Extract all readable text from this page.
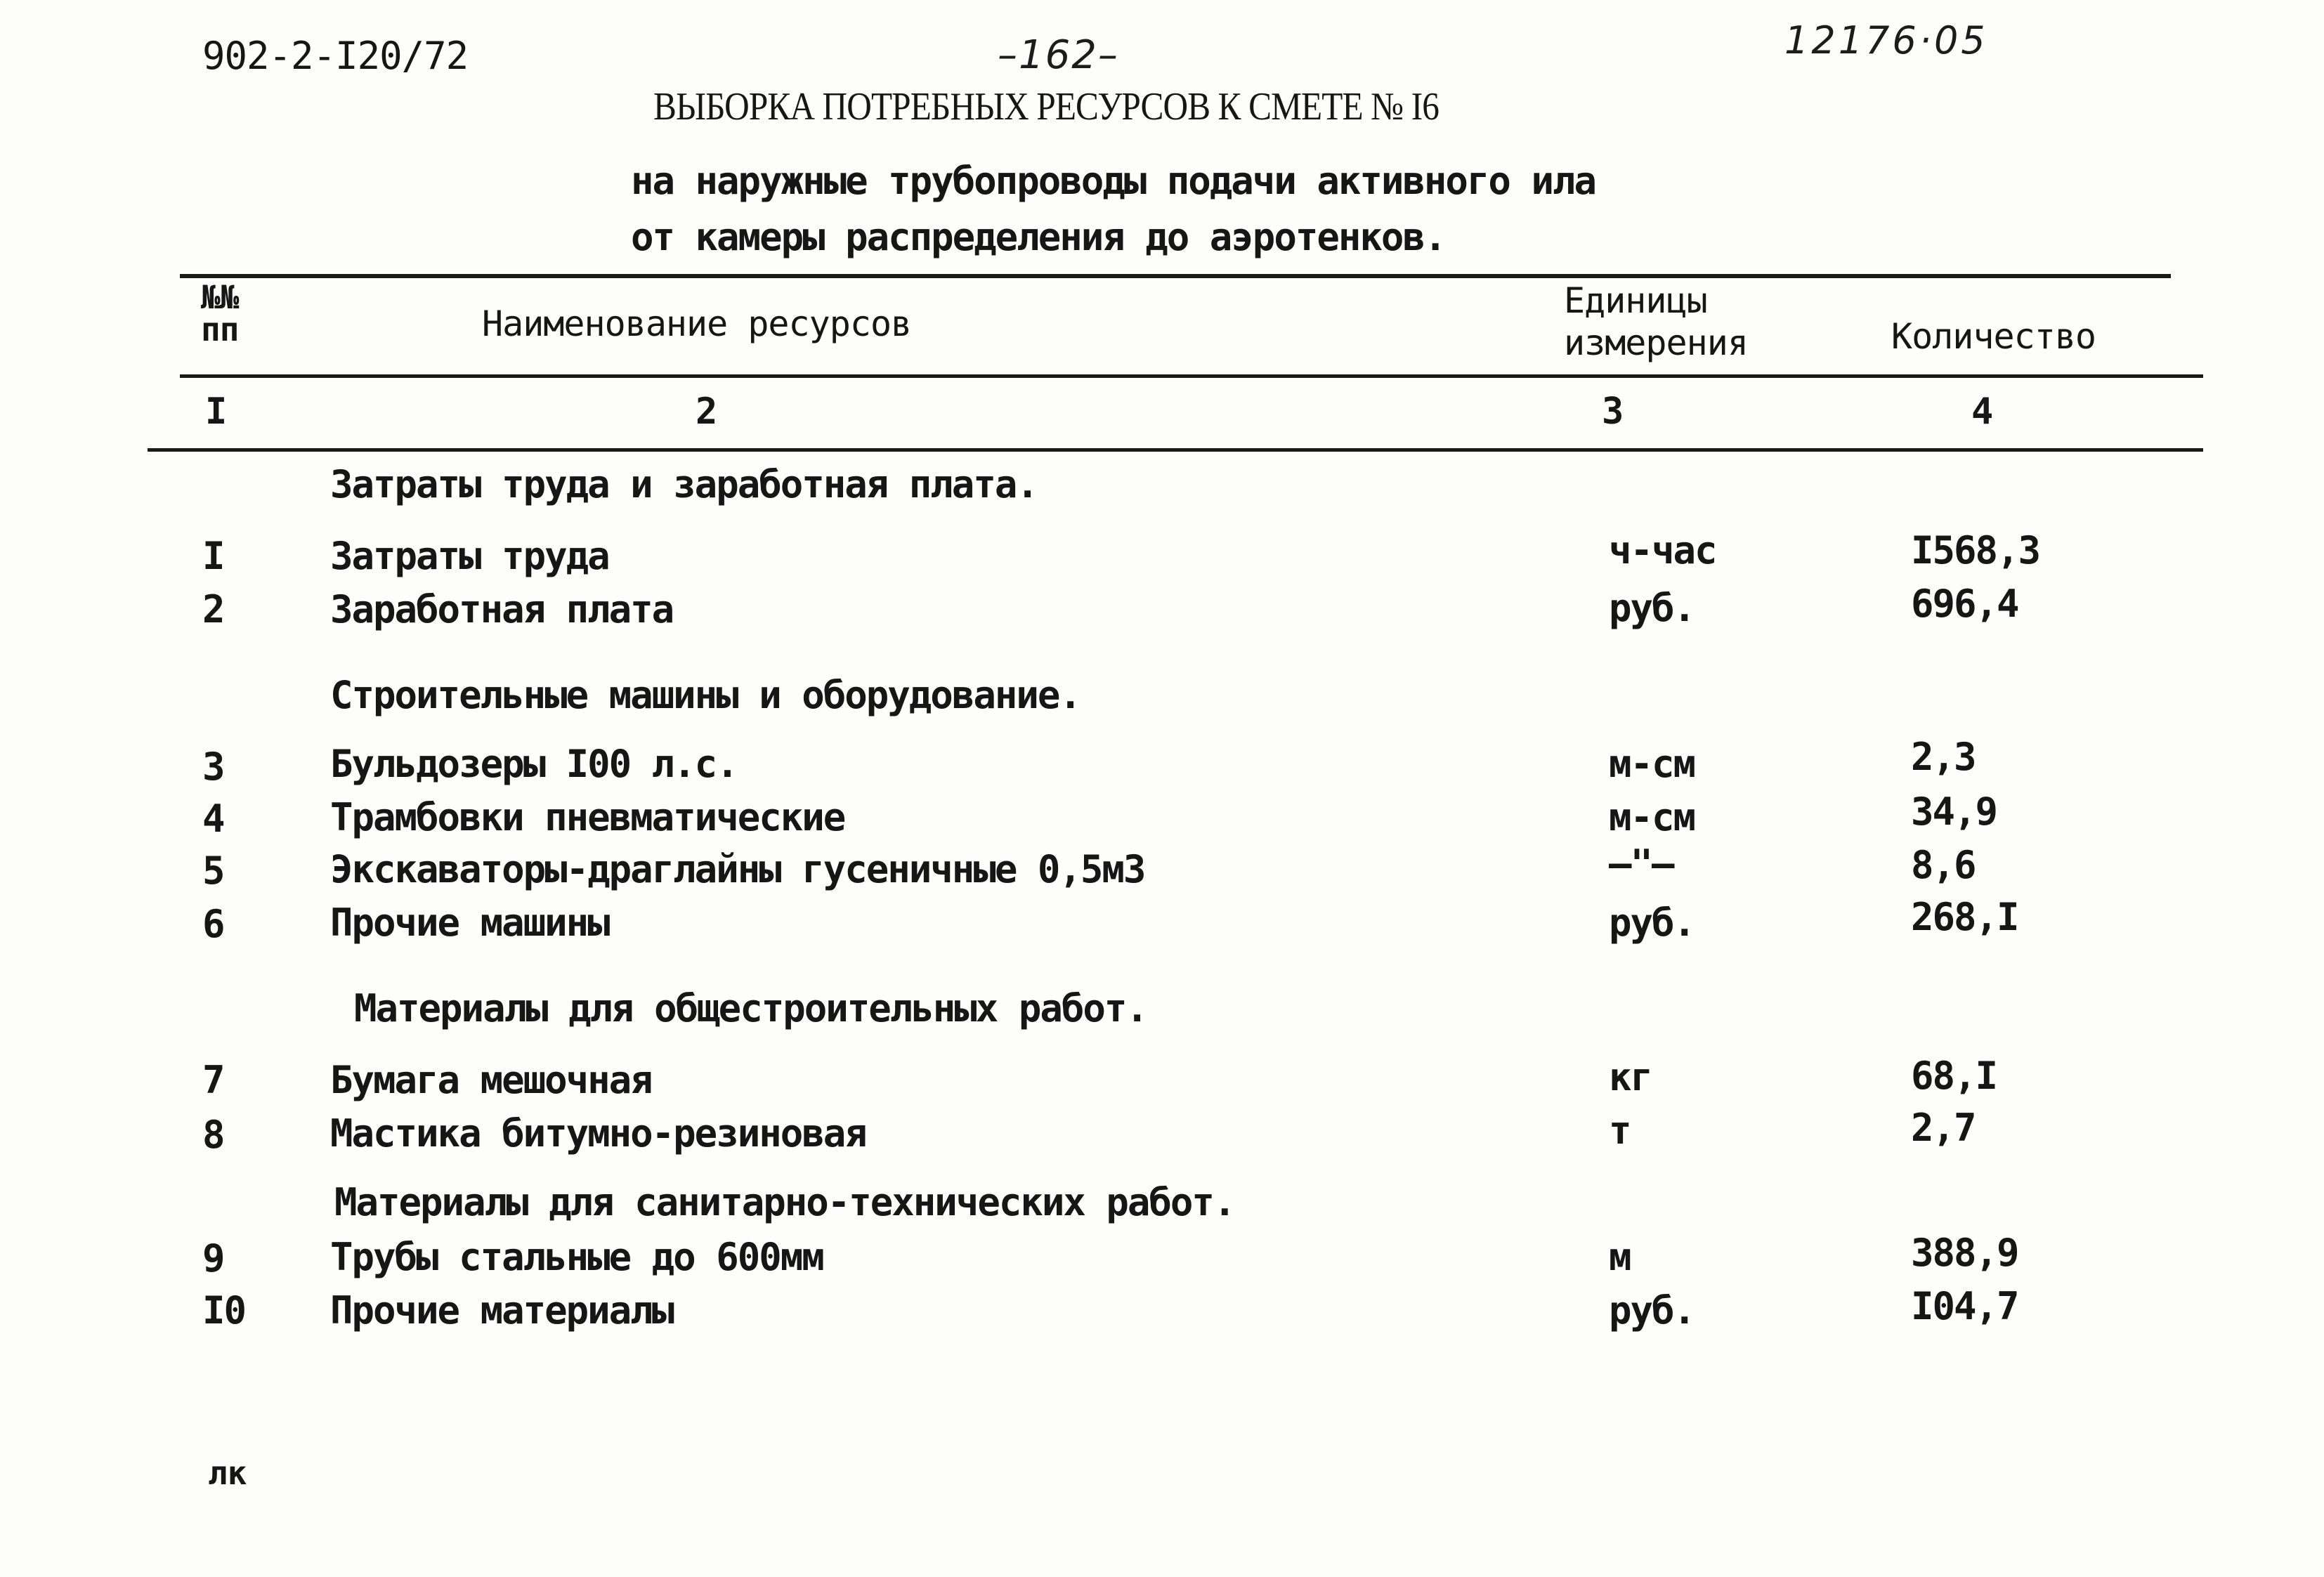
902-2-I20/72	–162–	12176·05
ВЫБОРКА ПОТРЕБНЫХ РЕСУРСОВ К СМЕТЕ № I6
на наружные трубопроводы подачи активного ила
от камеры распределения до аэротенков.
№№
пп	Наименование ресурсов
Единицы
измерения	Количество
I	2	3	4
Затраты труда и заработная плата.
I	Затраты труда	ч-час	I568,3
2	Заработная плата	руб.	696,4
Строительные машины и оборудование.
3	Бульдозеры I00 л.с.	м-см	2,3
4	Трамбовки пневматические	м-см	34,9
5	Экскаваторы-драглайны гусеничные 0,5м3	–"–	8,6
6	Прочие машины	руб.	268,I
Материалы для общестроительных работ.
7	Бумага мешочная	кг	68,I
8	Мастика битумно-резиновая	т	2,7
Материалы для санитарно-технических работ.
9	Трубы стальные до 600мм	м	388,9
I0 Прочие материалы	руб.	I04,7
лк
